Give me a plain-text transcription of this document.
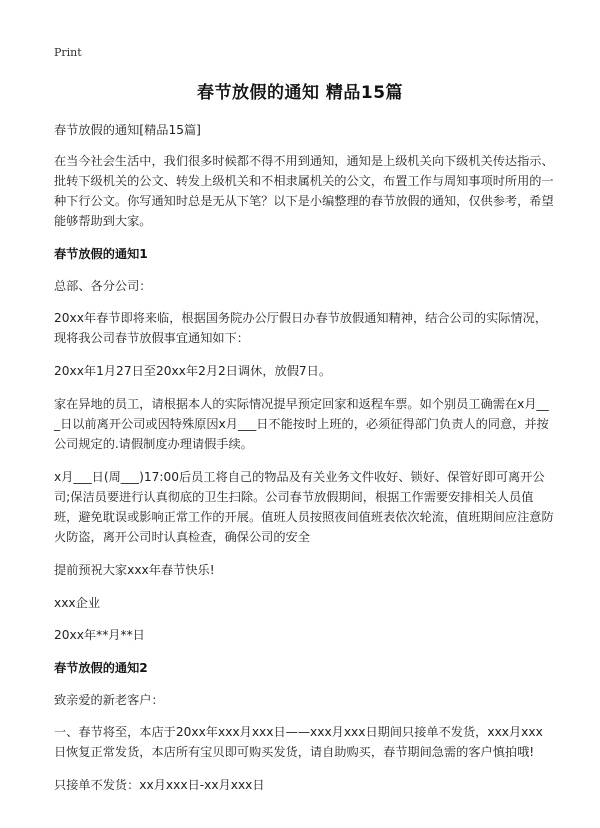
Print
春节放假的通知 精品15篇

春节放假的通知[精品15篇]

在当今社会生活中，我们很多时候都不得不用到通知，通知是上级机关向下级机关传达指示、批转下级机关的公文、转发上级机关和不相隶属机关的公文，布置工作与周知事项时所用的一种下行公文。你写通知时总是无从下笔？以下是小编整理的春节放假的通知，仅供参考，希望能够帮助到大家。

春节放假的通知1

总部、各分公司：

20xx年春节即将来临，根据国务院办公厅假日办春节放假通知精神，结合公司的实际情况，现将我公司春节放假事宜通知如下：

20xx年1月27日至20xx年2月2日调休，放假7日。

家在异地的员工，请根据本人的实际情况提早预定回家和返程车票。如个别员工确需在x月___日以前离开公司或因特殊原因x月___日不能按时上班的，必须征得部门负责人的同意，并按公司规定的.请假制度办理请假手续。

x月___日(周___)17:00后员工将自己的物品及有关业务文件收好、锁好、保管好即可离开公司;保洁员要进行认真彻底的卫生扫除。公司春节放假期间，根据工作需要安排相关人员值班，避免耽误或影响正常工作的开展。值班人员按照夜间值班表依次轮流，值班期间应注意防火防盗，离开公司时认真检查，确保公司的安全

提前预祝大家xxx年春节快乐!

xxx企业

20xx年**月**日

春节放假的通知2

致亲爱的新老客户：

一、春节将至，本店于20xx年xxx月xxx日——xxx月xxx日期间只接单不发货，xxx月xxx日恢复正常发货，本店所有宝贝即可购买发货，请自助购买，春节期间急需的客户慎拍哦!

只接单不发货：xx月xxx日-xx月xxx日
